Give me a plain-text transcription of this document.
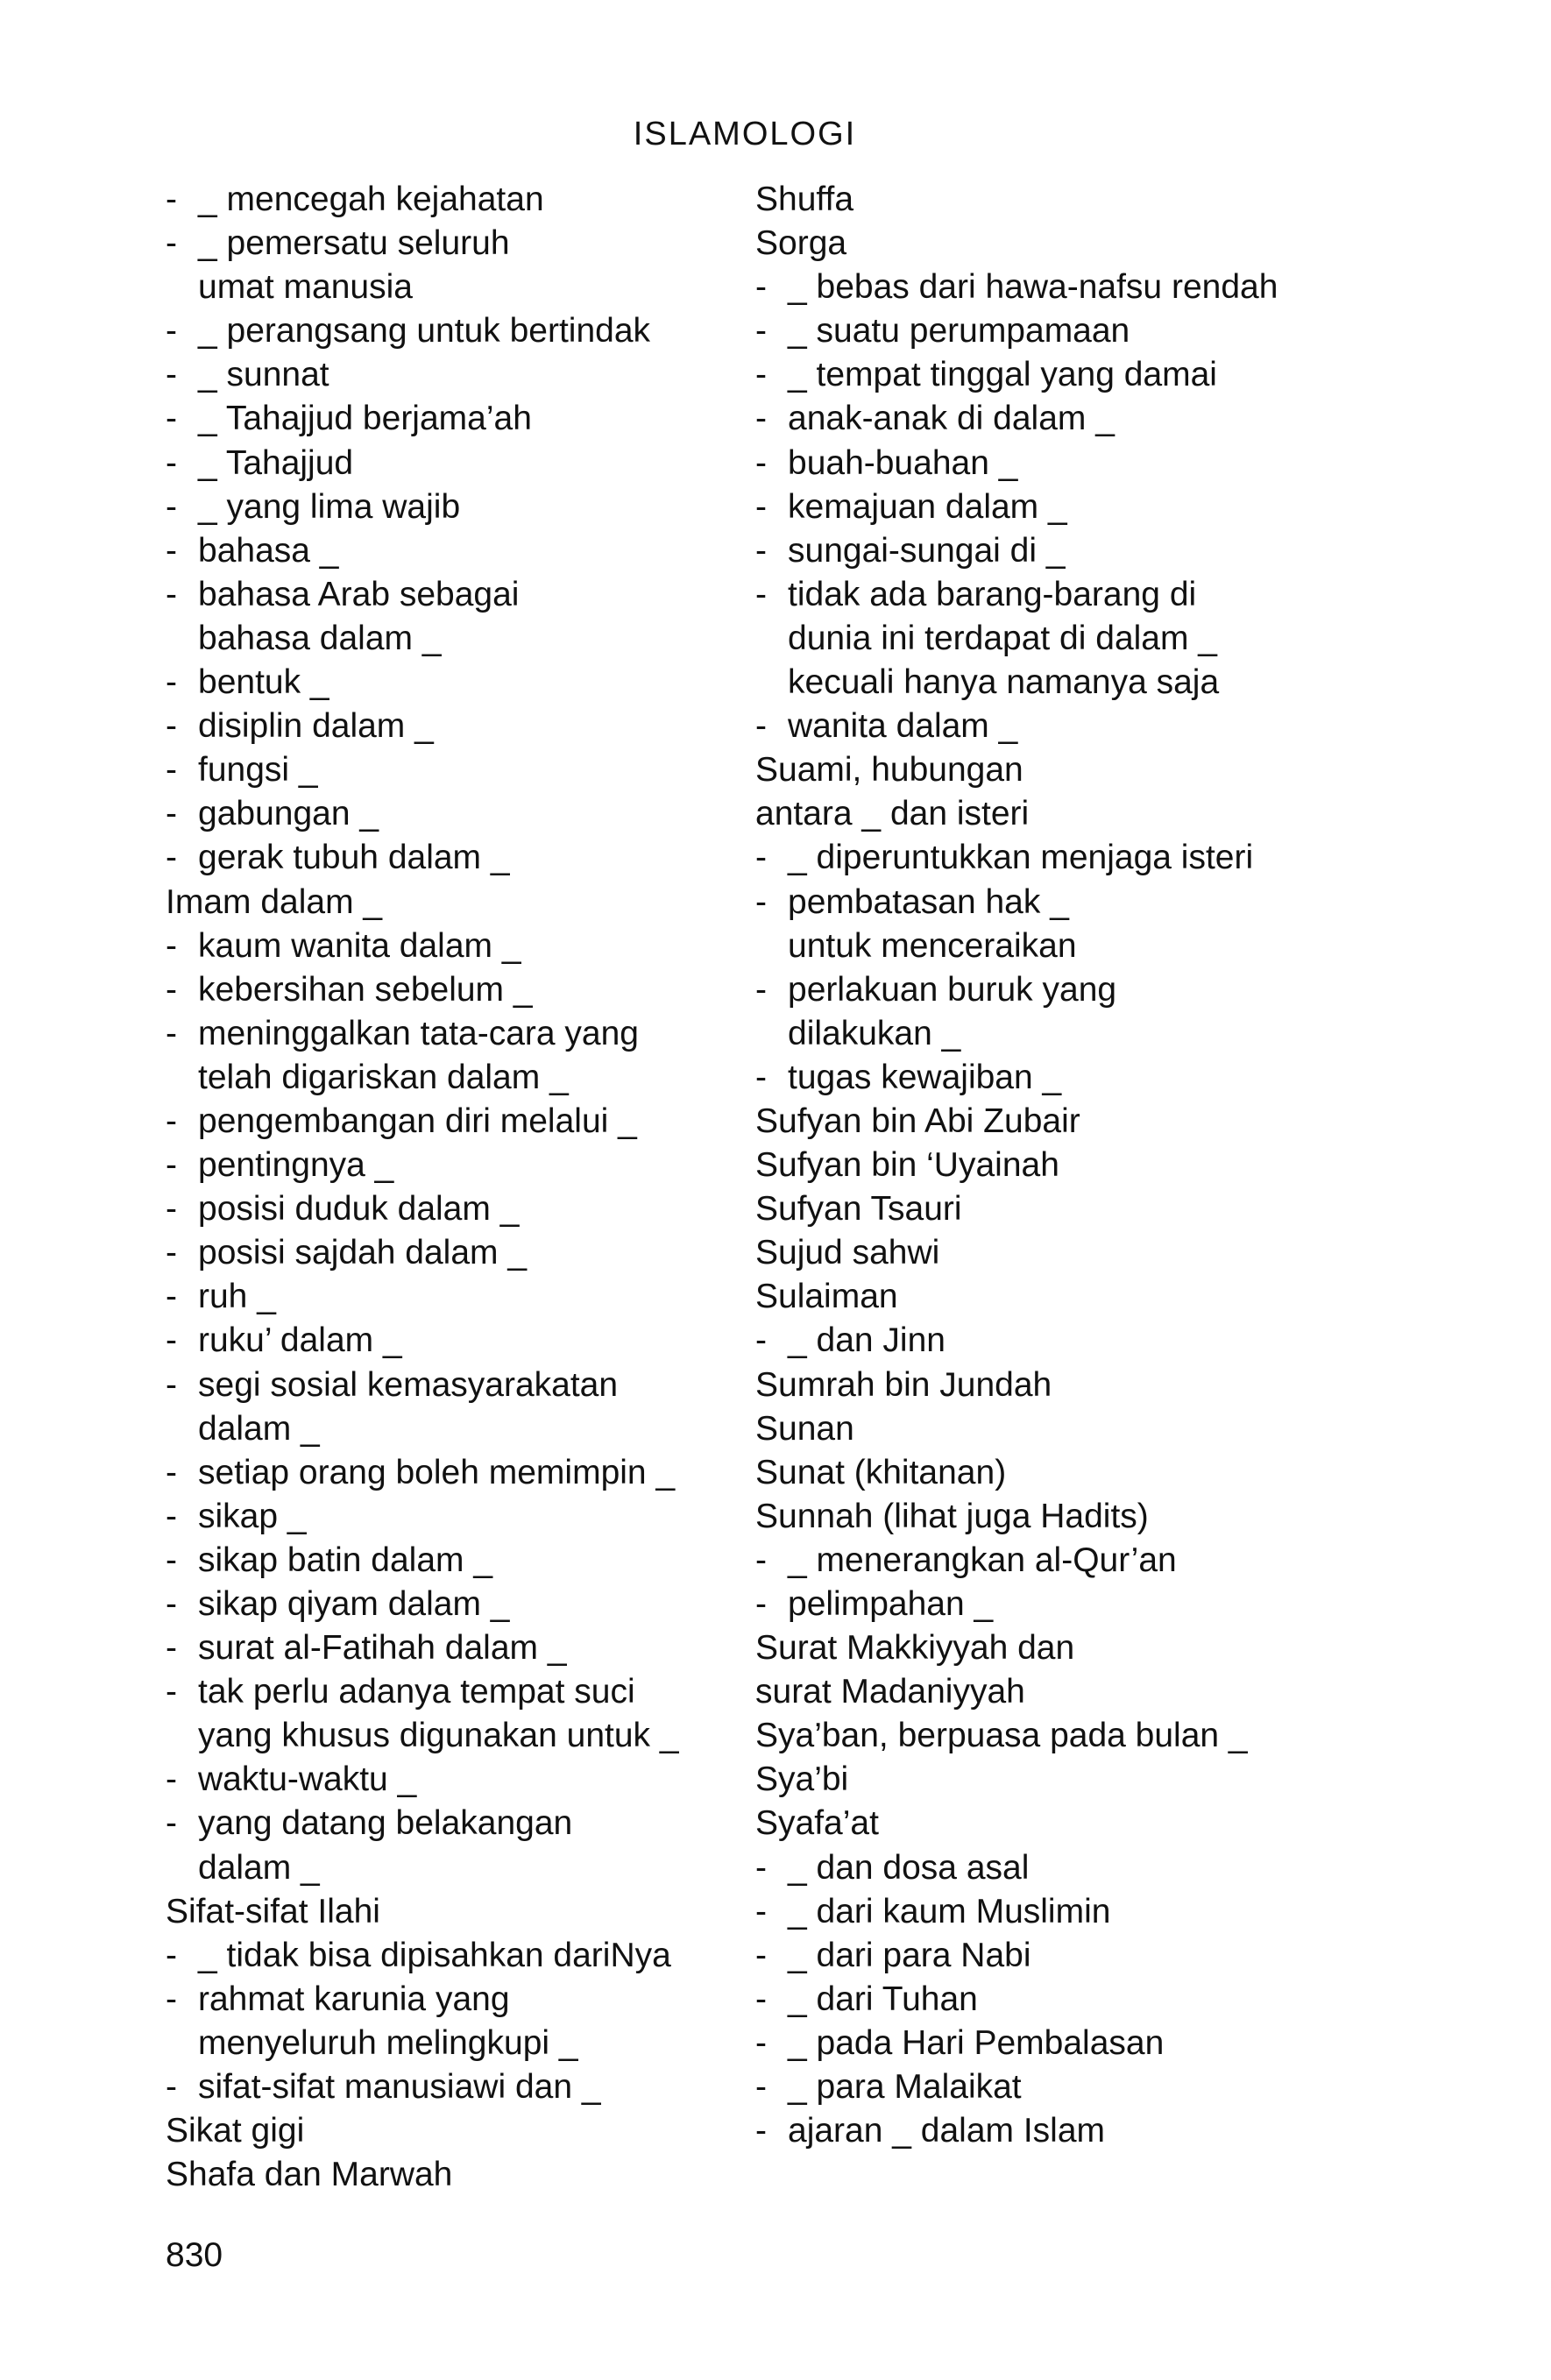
ISLAMOLOGI
- _ mencegah kejahatan
- _ pemersatu seluruh
umat manusia
- _ perangsang untuk bertindak
- _ sunnat
- _ Tahajjud berjama’ah
- _ Tahajjud
- _ yang lima wajib
- bahasa _
- bahasa Arab sebagai
bahasa dalam _
- bentuk _
- disiplin dalam _
- fungsi _
- gabungan _
- gerak tubuh dalam _
Imam dalam _
- kaum wanita dalam _
- kebersihan sebelum _
- meninggalkan tata-cara yang
telah digariskan dalam _
- pengembangan diri melalui _
- pentingnya _
- posisi duduk dalam _
- posisi sajdah dalam _
- ruh _
- ruku’ dalam _
- segi sosial kemasyarakatan
dalam _
- setiap orang boleh memimpin _
- sikap _
- sikap batin dalam _
- sikap qiyam dalam _
- surat al-Fatihah dalam _
- tak perlu adanya tempat suci
yang khusus digunakan untuk _
- waktu-waktu _
- yang datang belakangan
dalam _
Sifat-sifat Ilahi
- _ tidak bisa dipisahkan dariNya
- rahmat karunia yang
menyeluruh melingkupi _
- sifat-sifat manusiawi dan _
Sikat gigi
Shafa dan Marwah
Shuffa
Sorga
- _ bebas dari hawa-nafsu rendah
- _ suatu perumpamaan
- _ tempat tinggal yang damai
- anak-anak di dalam _
- buah-buahan _
- kemajuan dalam _
- sungai-sungai di _
- tidak ada barang-barang di
dunia ini terdapat di dalam _
kecuali hanya namanya saja
- wanita dalam _
Suami, hubungan
antara _ dan isteri
- _ diperuntukkan menjaga isteri
- pembatasan hak _
untuk menceraikan
- perlakuan buruk yang
dilakukan _
- tugas kewajiban _
Sufyan bin Abi Zubair
Sufyan bin ‘Uyainah
Sufyan Tsauri
Sujud sahwi
Sulaiman
- _ dan Jinn
Sumrah bin Jundah
Sunan
Sunat (khitanan)
Sunnah (lihat juga Hadits)
- _ menerangkan al-Qur’an
- pelimpahan _
Surat Makkiyyah dan
surat Madaniyyah
Sya’ban, berpuasa pada bulan _
Sya’bi
Syafa’at
- _ dan dosa asal
- _ dari kaum Muslimin
- _ dari para Nabi
- _ dari Tuhan
- _ pada Hari Pembalasan
- _ para Malaikat
- ajaran _ dalam Islam
830
